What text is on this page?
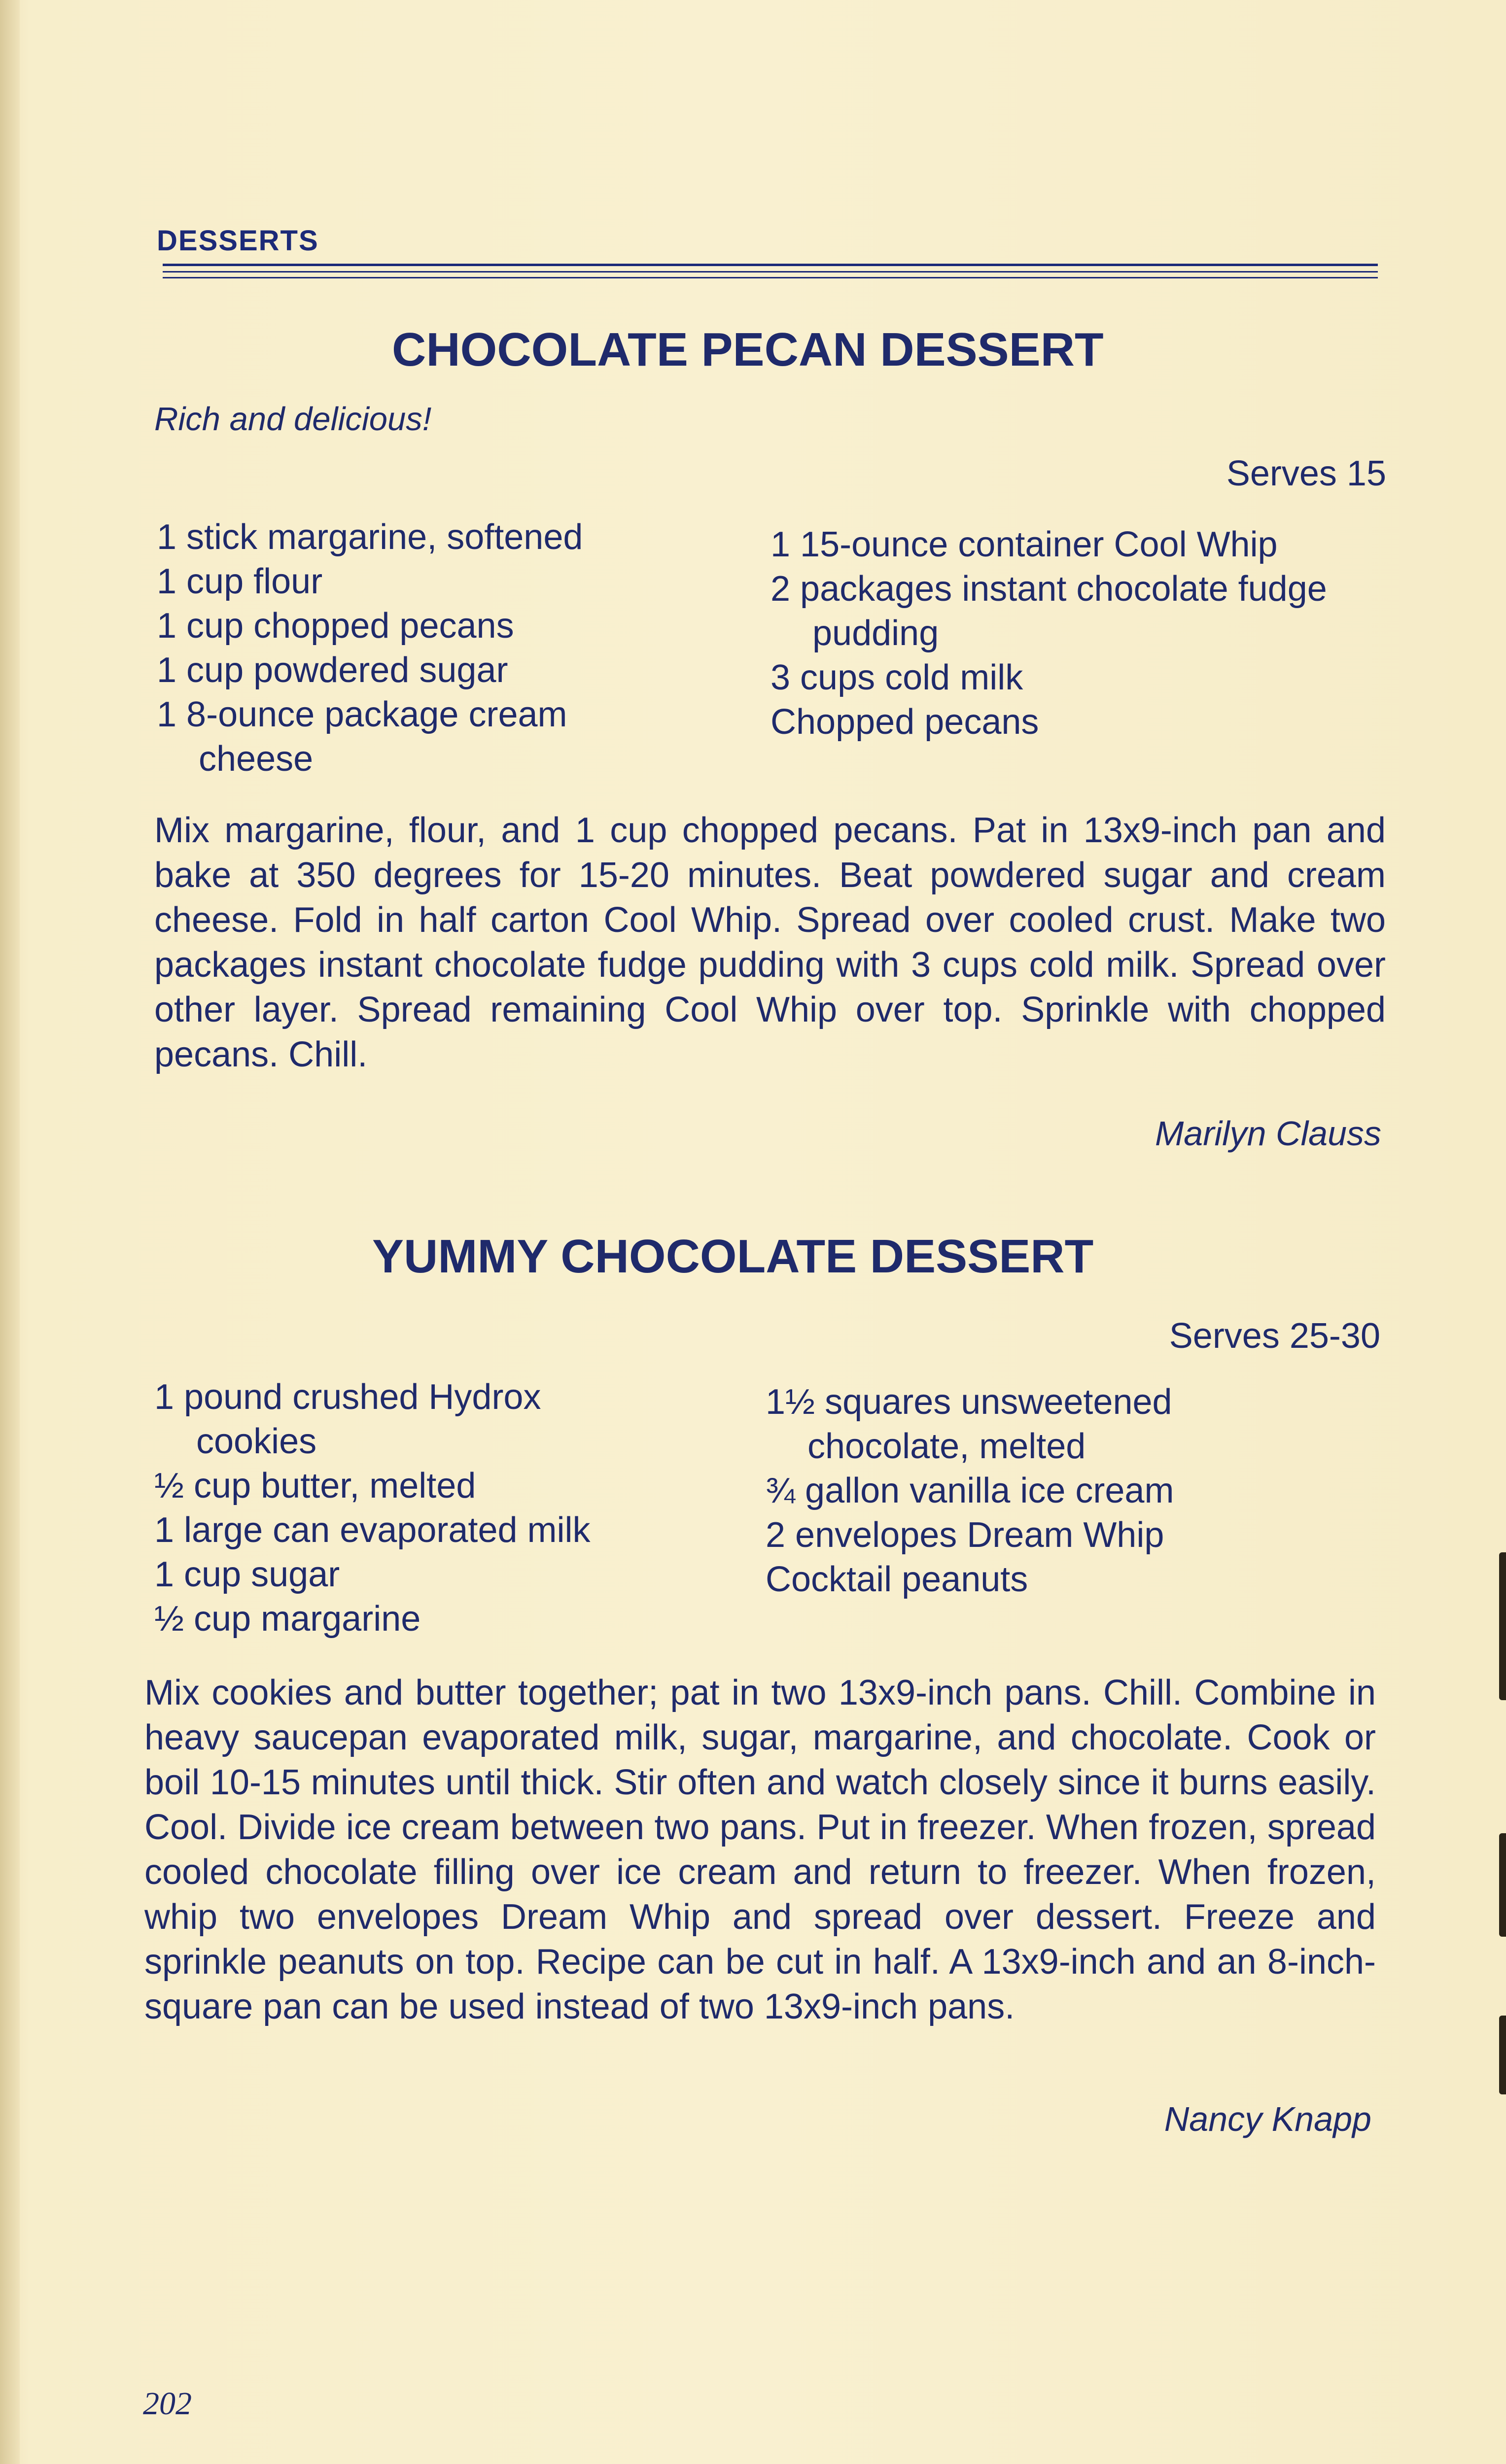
DESSERTS
CHOCOLATE PECAN DESSERT
Rich and delicious!
Serves 15
1 stick margarine, softened
1 cup flour
1 cup chopped pecans
1 cup powdered sugar
1 8-ounce package cream
cheese
1 15-ounce container Cool Whip
2 packages instant chocolate fudge
pudding
3 cups cold milk
Chopped pecans
Mix margarine, flour, and 1 cup chopped pecans. Pat in 13x9-inch pan and bake at 350 degrees for 15-20 minutes. Beat powdered sugar and cream cheese. Fold in half carton Cool Whip. Spread over cooled crust. Make two packages instant chocolate fudge pudding with 3 cups cold milk. Spread over other layer. Spread remaining Cool Whip over top. Sprinkle with chopped pecans. Chill.
Marilyn Clauss
YUMMY CHOCOLATE DESSERT
Serves 25-30
1 pound crushed Hydrox
cookies
½ cup butter, melted
1 large can evaporated milk
1 cup sugar
½ cup margarine
1½ squares unsweetened
chocolate, melted
¾ gallon vanilla ice cream
2 envelopes Dream Whip
Cocktail peanuts
Mix cookies and butter together; pat in two 13x9-inch pans. Chill. Combine in heavy saucepan evaporated milk, sugar, margarine, and chocolate. Cook or boil 10-15 minutes until thick. Stir often and watch closely since it burns easily. Cool. Divide ice cream between two pans. Put in freezer. When frozen, spread cooled chocolate filling over ice cream and return to freezer. When frozen, whip two envelopes Dream Whip and spread over dessert. Freeze and sprinkle peanuts on top. Recipe can be cut in half. A 13x9-inch and an 8-inch-square pan can be used instead of two 13x9-inch pans.
Nancy Knapp
202
